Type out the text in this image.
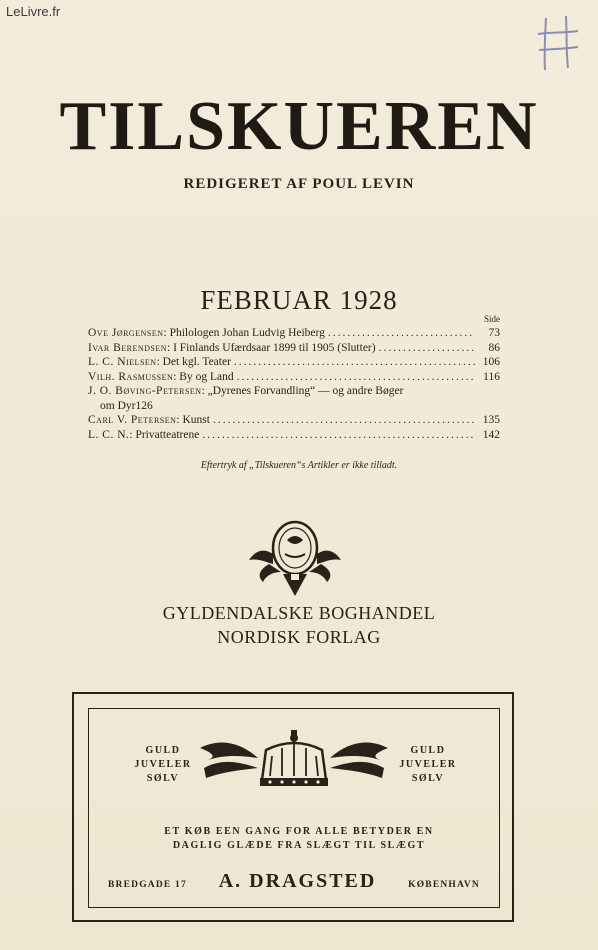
LeLivre.fr
TILSKUEREN
REDIGERET AF POUL LEVIN
FEBRUAR 1928
Side
Ove Jørgensen: Philologen Johan Ludvig Heiberg .....	73
Ivar Berendsen: I Finlands Ufærdsaar 1899 til 1905 (Slutter) .....	86
L. C. Nielsen: Det kgl. Teater .....	106
Vilh. Rasmussen: By og Land .....	116
J. O. Bøving-Petersen : „Dyrenes Forvandling“ — og andre Bøger
om Dyr 126
Carl V. Petersen: Kunst .....	135
L. C. N.: Privatteatrene .....	142
Eftertryk af „Tilskueren“s Artikler er ikke tilladt.
GYLDENDALSKE BOGHANDEL
NORDISK FORLAG
GULD
JUVELER
SØLV
GULD
JUVELER
SØLV
ET KØB EEN GANG FOR ALLE BETYDER EN
DAGLIG GLÆDE FRA SLÆGT TIL SLÆGT
BREDGADE 17 A. DRAGSTED	KØBENHAVN
